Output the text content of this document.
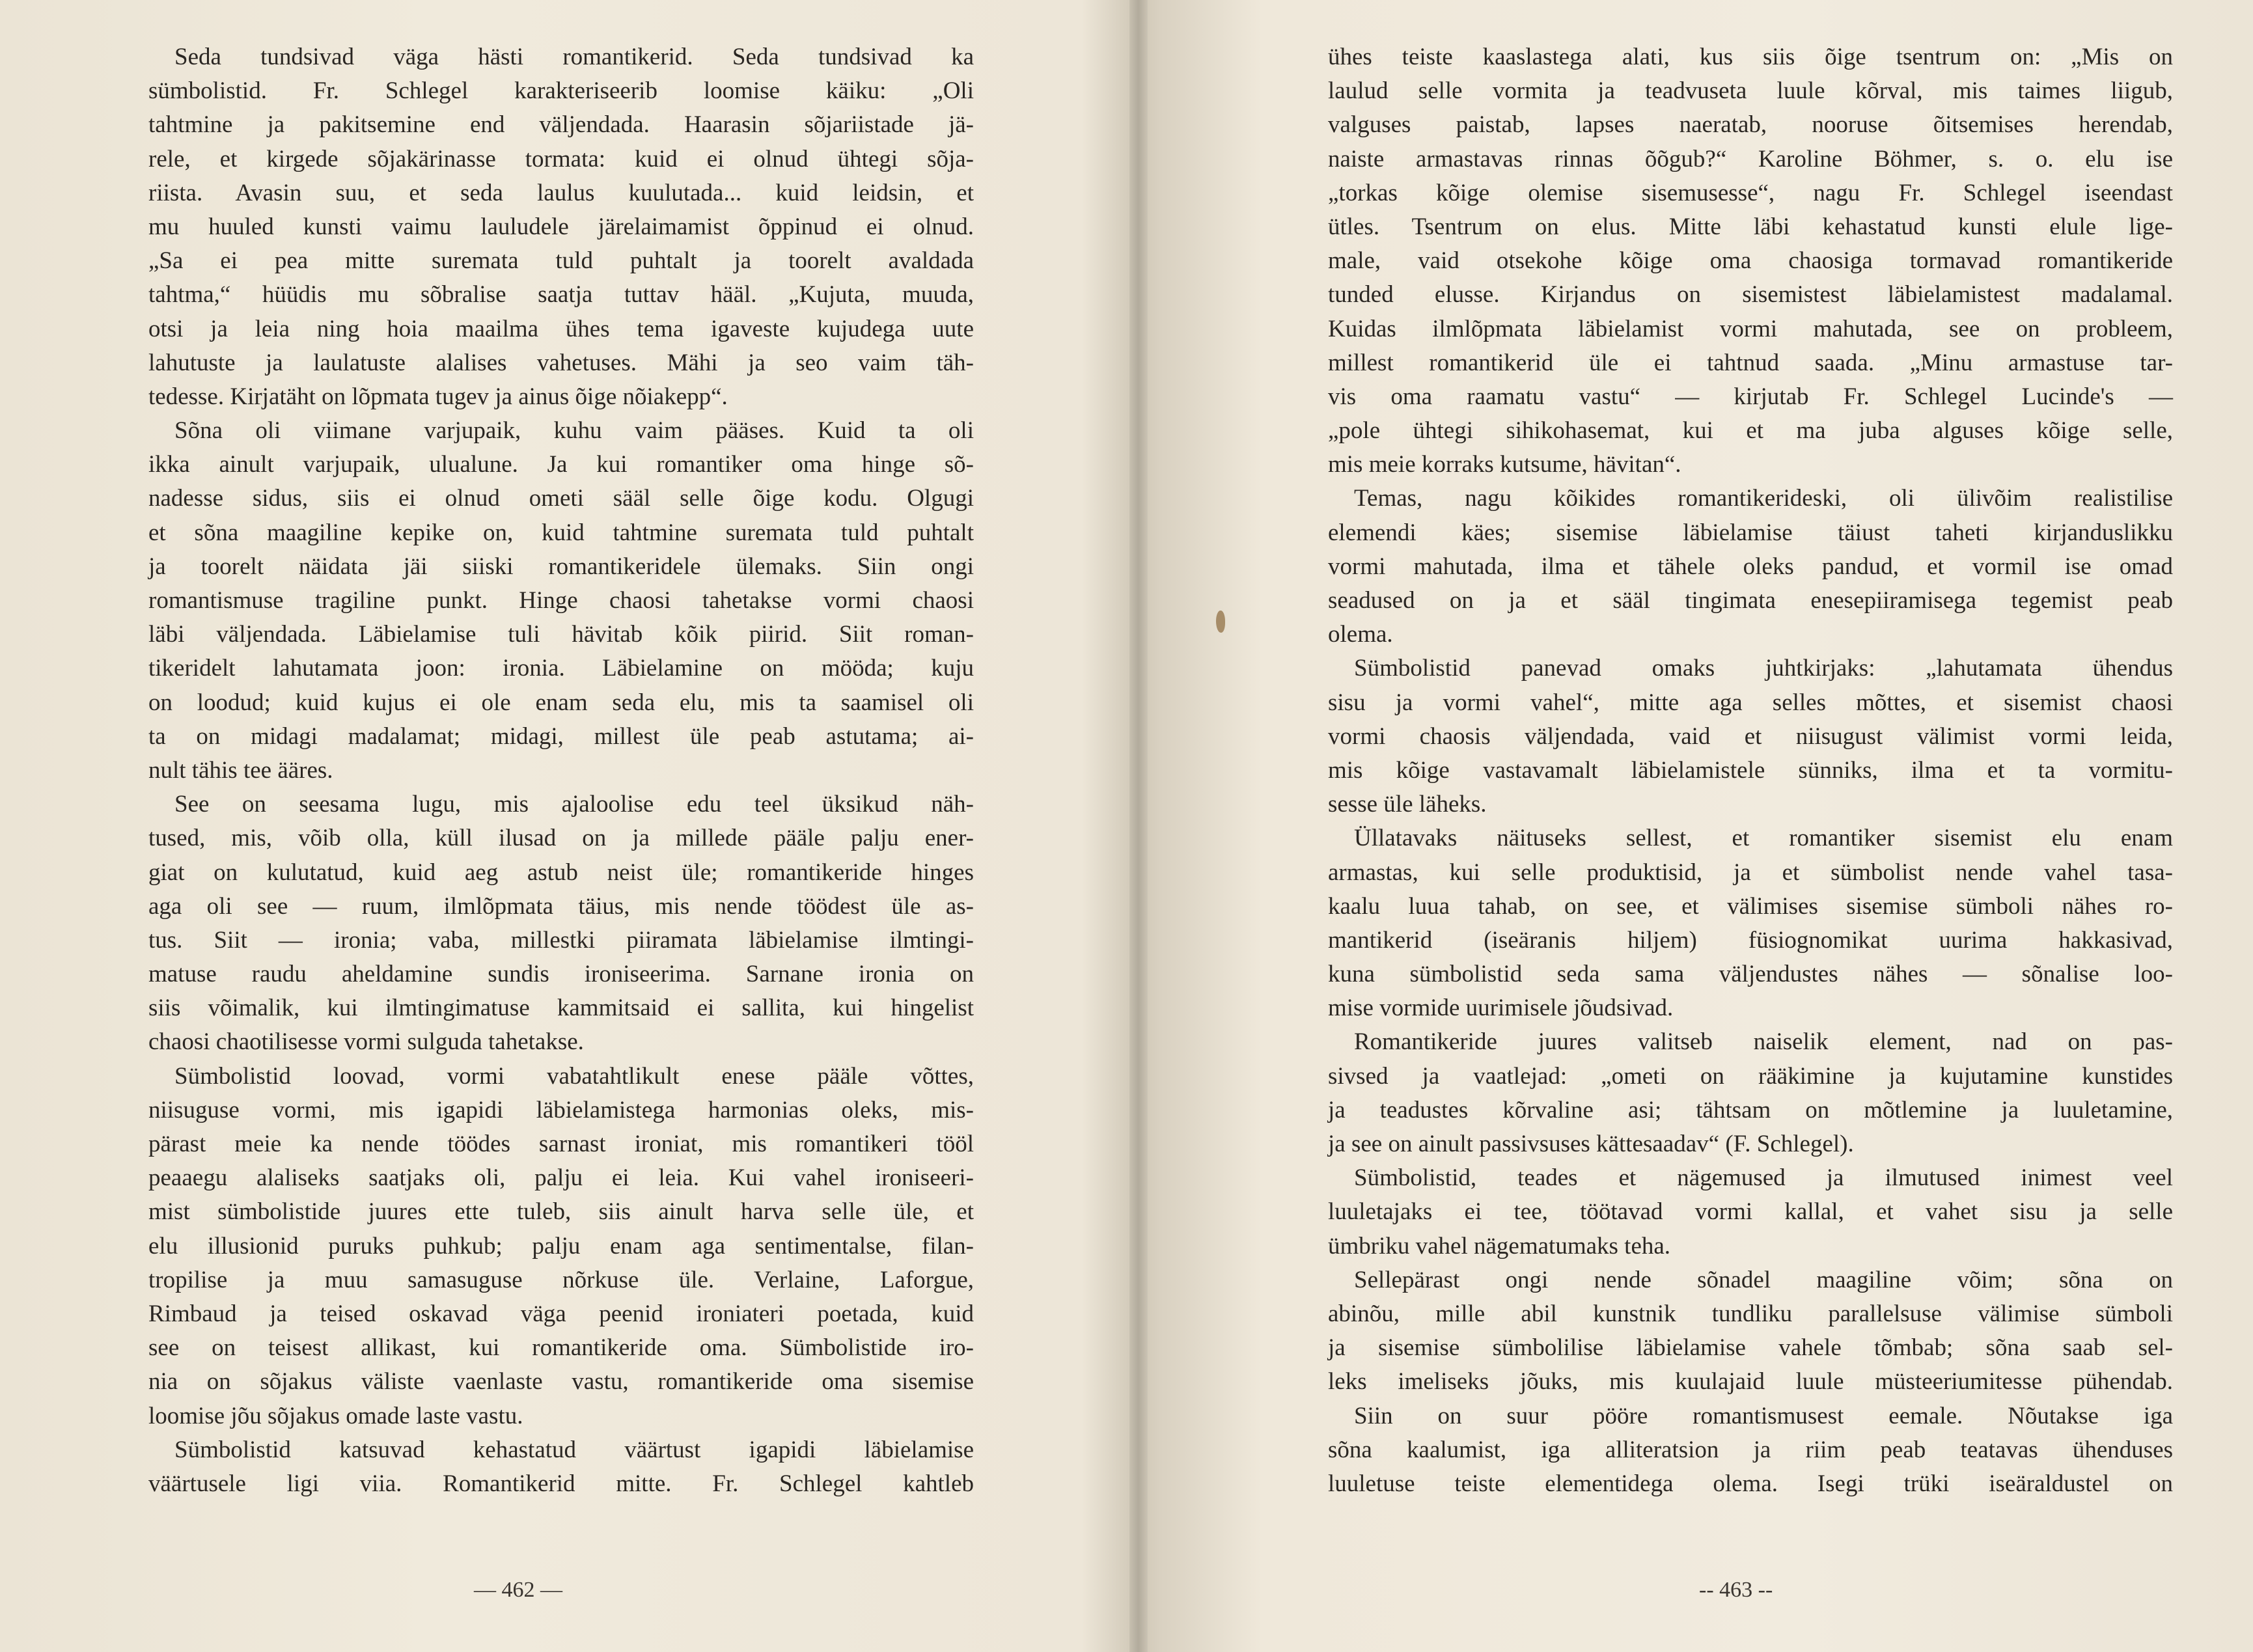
Seda tundsivad väga hästi romantikerid. Seda tundsivad ka
sümbolistid. Fr. Schlegel karakteriseerib loomise käiku: „Oli
tahtmine ja pakitsemine end väljendada. Haarasin sõjariistade jä-
rele, et kirgede sõjakärinasse tormata: kuid ei olnud ühtegi sõja-
riista. Avasin suu, et seda laulus kuulutada... kuid leidsin, et
mu huuled kunsti vaimu lauludele järelaimamist õppinud ei olnud.
„Sa ei pea mitte suremata tuld puhtalt ja toorelt avaldada
tahtma,“ hüüdis mu sõbralise saatja tuttav hääl. „Kujuta, muuda,
otsi ja leia ning hoia maailma ühes tema igaveste kujudega uute
lahutuste ja laulatuste alalises vahetuses. Mähi ja seo vaim täh-
tedesse. Kirjatäht on lõpmata tugev ja ainus õige nõiakepp“.
Sõna oli viimane varjupaik, kuhu vaim pääses. Kuid ta oli
ikka ainult varjupaik, ulualune. Ja kui romantiker oma hinge sõ-
nadesse sidus, siis ei olnud ometi sääl selle õige kodu. Olgugi
et sõna maagiline kepike on, kuid tahtmine suremata tuld puhtalt
ja toorelt näidata jäi siiski romantikeridele ülemaks. Siin ongi
romantismuse tragiline punkt. Hinge chaosi tahetakse vormi chaosi
läbi väljendada. Läbielamise tuli hävitab kõik piirid. Siit roman-
tikeridelt lahutamata joon: ironia. Läbielamine on mööda; kuju
on loodud; kuid kujus ei ole enam seda elu, mis ta saamisel oli
ta on midagi madalamat; midagi, millest üle peab astutama; ai-
nult tähis tee ääres.
See on seesama lugu, mis ajaloolise edu teel üksikud näh-
tused, mis, võib olla, küll ilusad on ja millede pääle palju ener-
giat on kulutatud, kuid aeg astub neist üle; romantikeride hinges
aga oli see — ruum, ilmlõpmata täius, mis nende töödest üle as-
tus. Siit — ironia; vaba, millestki piiramata läbielamise ilmtingi-
matuse raudu aheldamine sundis ironiseerima. Sarnane ironia on
siis võimalik, kui ilmtingimatuse kammitsaid ei sallita, kui hingelist
chaosi chaotilisesse vormi sulguda tahetakse.
Sümbolistid loovad, vormi vabatahtlikult enese pääle võttes,
niisuguse vormi, mis igapidi läbielamistega harmonias oleks, mis-
pärast meie ka nende töödes sarnast ironiat, mis romantikeri tööl
peaaegu alaliseks saatjaks oli, palju ei leia. Kui vahel ironiseeri-
mist sümbolistide juures ette tuleb, siis ainult harva selle üle, et
elu illusionid puruks puhkub; palju enam aga sentimentalse, filan-
tropilise ja muu samasuguse nõrkuse üle. Verlaine, Laforgue,
Rimbaud ja teised oskavad väga peenid ironiateri poetada, kuid
see on teisest allikast, kui romantikeride oma. Sümbolistide iro-
nia on sõjakus väliste vaenlaste vastu, romantikeride oma sisemise
loomise jõu sõjakus omade laste vastu.
Sümbolistid katsuvad kehastatud väärtust igapidi läbielamise
väärtusele ligi viia. Romantikerid mitte. Fr. Schlegel kahtleb
— 462 —
ühes teiste kaaslastega alati, kus siis õige tsentrum on: „Mis on
laulud selle vormita ja teadvuseta luule kõrval, mis taimes liigub,
valguses paistab, lapses naeratab, nooruse õitsemises herendab,
naiste armastavas rinnas õõgub?“ Karoline Böhmer, s. o. elu ise
„torkas kõige olemise sisemusesse“, nagu Fr. Schlegel iseendast
ütles. Tsentrum on elus. Mitte läbi kehastatud kunsti elule lige-
male, vaid otsekohe kõige oma chaosiga tormavad romantikeride
tunded elusse. Kirjandus on sisemistest läbielamistest madalamal.
Kuidas ilmlõpmata läbielamist vormi mahutada, see on probleem,
millest romantikerid üle ei tahtnud saada. „Minu armastuse tar-
vis oma raamatu vastu“ — kirjutab Fr. Schlegel Lucinde's —
„pole ühtegi sihikohasemat, kui et ma juba alguses kõige selle,
mis meie korraks kutsume, hävitan“.
Temas, nagu kõikides romantikerideski, oli ülivõim realistilise
elemendi käes; sisemise läbielamise täiust taheti kirjanduslikku
vormi mahutada, ilma et tähele oleks pandud, et vormil ise omad
seadused on ja et sääl tingimata enesepiiramisega tegemist peab
olema.
Sümbolistid panevad omaks juhtkirjaks: „lahutamata ühendus
sisu ja vormi vahel“, mitte aga selles mõttes, et sisemist chaosi
vormi chaosis väljendada, vaid et niisugust välimist vormi leida,
mis kõige vastavamalt läbielamistele sünniks, ilma et ta vormitu-
sesse üle läheks.
Üllatavaks näituseks sellest, et romantiker sisemist elu enam
armastas, kui selle produktisid, ja et sümbolist nende vahel tasa-
kaalu luua tahab, on see, et välimises sisemise sümboli nähes ro-
mantikerid (iseäranis hiljem) füsiognomikat uurima hakkasivad,
kuna sümbolistid seda sama väljendustes nähes — sõnalise loo-
mise vormide uurimisele jõudsivad.
Romantikeride juures valitseb naiselik element, nad on pas-
sivsed ja vaatlejad: „ometi on rääkimine ja kujutamine kunstides
ja teadustes kõrvaline asi; tähtsam on mõtlemine ja luuletamine,
ja see on ainult passivsuses kättesaadav“ (F. Schlegel).
Sümbolistid, teades et nägemused ja ilmutused inimest veel
luuletajaks ei tee, töötavad vormi kallal, et vahet sisu ja selle
ümbriku vahel nägematumaks teha.
Sellepärast ongi nende sõnadel maagiline võim; sõna on
abinõu, mille abil kunstnik tundliku parallelsuse välimise sümboli
ja sisemise sümbolilise läbielamise vahele tõmbab; sõna saab sel-
leks imeliseks jõuks, mis kuulajaid luule müsteeriumitesse pühendab.
Siin on suur pööre romantismusest eemale. Nõutakse iga
sõna kaalumist, iga alliteratsion ja riim peab teatavas ühenduses
luuletuse teiste elementidega olema. Isegi trüki iseäraldustel on
-- 463 --
